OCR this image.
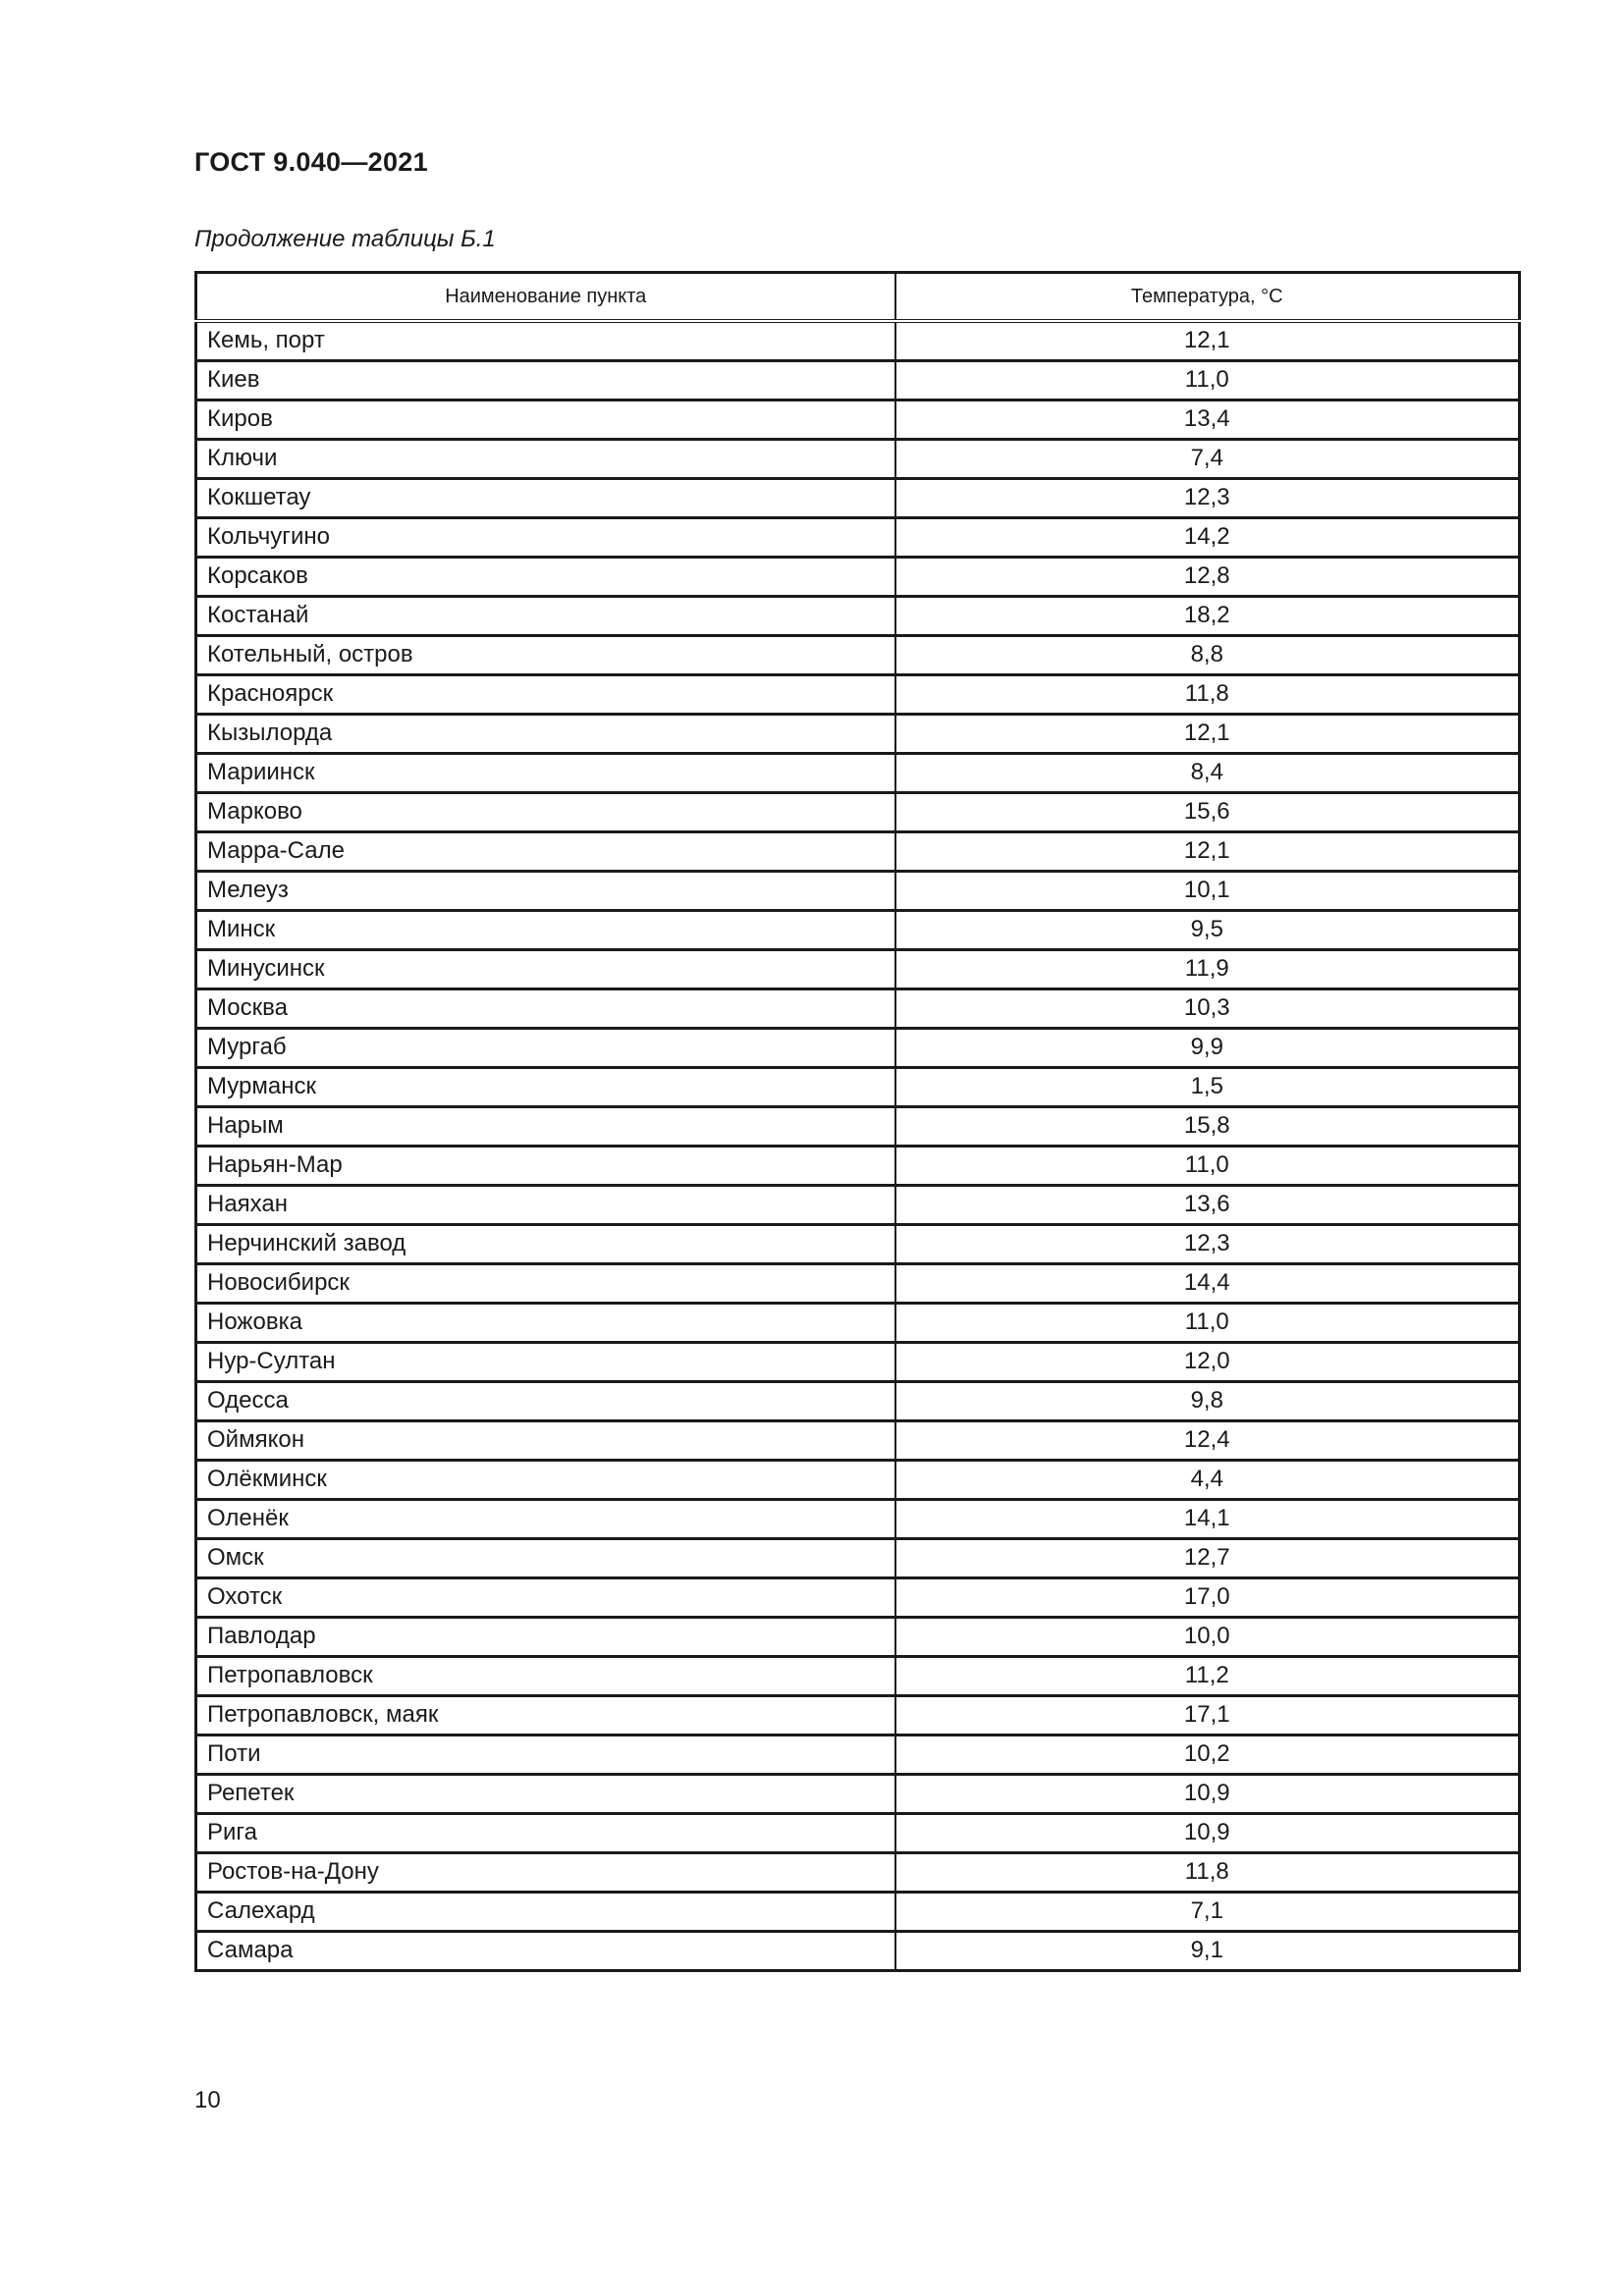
ГОСТ 9.040—2021
Продолжение таблицы Б.1
Наименование пункта	Температура, °С
Кемь, порт	12,1
Киев	11,0
Киров	13,4
Ключи	7,4
Кокшетау	12,3
Кольчугино	14,2
Корсаков	12,8
Костанай	18,2
Котельный, остров	8,8
Красноярск	11,8
Кызылорда	12,1
Мариинск	8,4
Марково	15,6
Марра-Сале	12,1
Мелеуз	10,1
Минск	9,5
Минусинск	11,9
Москва	10,3
Мургаб	9,9
Мурманск	1,5
Нарым	15,8
Нарьян-Мар	11,0
Наяхан	13,6
Нерчинский завод	12,3
Новосибирск	14,4
Ножовка	11,0
Нур-Султан	12,0
Одесса	9,8
Оймякон	12,4
Олёкминск	4,4
Оленёк	14,1
Омск	12,7
Охотск	17,0
Павлодар	10,0
Петропавловск	11,2
Петропавловск, маяк	17,1
Поти	10,2
Репетек	10,9
Рига	10,9
Ростов-на-Дону	11,8
Салехард	7,1
Самара	9,1
10
